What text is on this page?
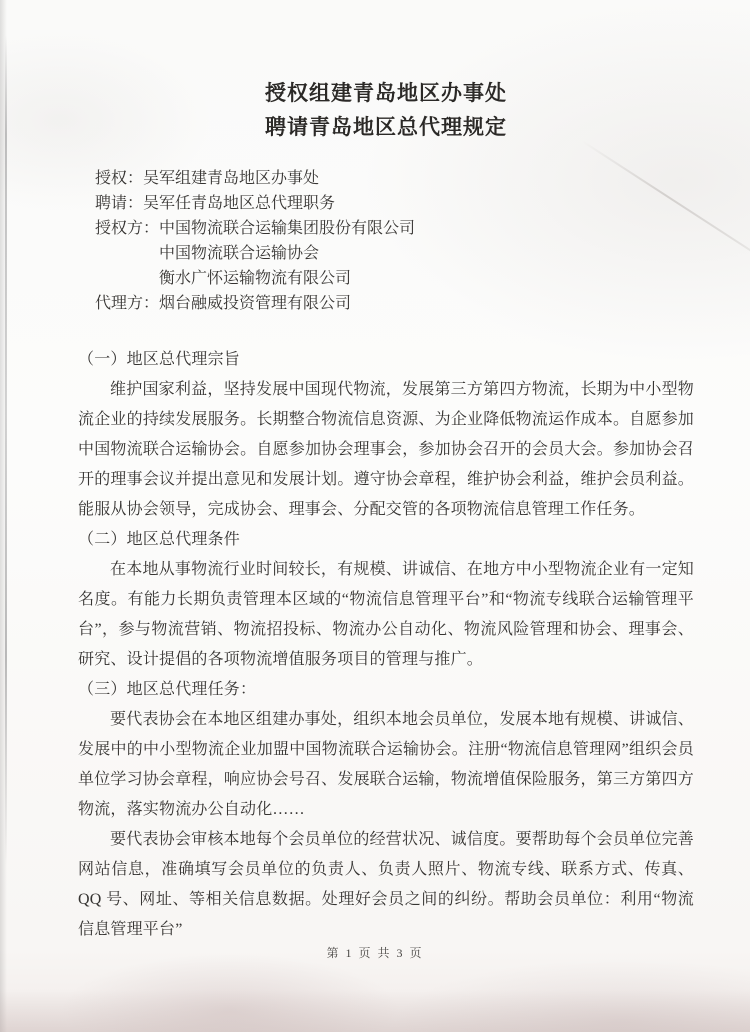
授权组建青岛地区办事处
聘请青岛地区总代理规定
授权：吴军组建青岛地区办事处
聘请：吴军任青岛地区总代理职务
授权方：中国物流联合运输集团股份有限公司
中国物流联合运输协会
衡水广怀运输物流有限公司
代理方：烟台融威投资管理有限公司
（一）地区总代理宗旨

维护国家利益，坚持发展中国现代物流，发展第三方第四方物流，长期为中小型物流企业的持续发展服务。长期整合物流信息资源、为企业降低物流运作成本。自愿参加中国物流联合运输协会。自愿参加协会理事会，参加协会召开的会员大会。参加协会召开的理事会议并提出意见和发展计划。遵守协会章程，维护协会利益，维护会员利益。能服从协会领导，完成协会、理事会、分配交管的各项物流信息管理工作任务。

（二）地区总代理条件

在本地从事物流行业时间较长，有规模、讲诚信、在地方中小型物流企业有一定知名度。有能力长期负责管理本区域的“物流信息管理平台”和“物流专线联合运输管理平台”，参与物流营销、物流招投标、物流办公自动化、物流风险管理和协会、理事会、研究、设计提倡的各项物流增值服务项目的管理与推广。

（三）地区总代理任务：

要代表协会在本地区组建办事处，组织本地会员单位，发展本地有规模、讲诚信、发展中的中小型物流企业加盟中国物流联合运输协会。注册“物流信息管理网”组织会员单位学习协会章程，响应协会号召、发展联合运输，物流增值保险服务，第三方第四方物流，落实物流办公自动化……

要代表协会审核本地每个会员单位的经营状况、诚信度。要帮助每个会员单位完善网站信息，准确填写会员单位的负责人、负责人照片、物流专线、联系方式、传真、QQ 号、网址、等相关信息数据。处理好会员之间的纠纷。帮助会员单位：利用“物流信息管理平台”

第 1 页 共 3 页
